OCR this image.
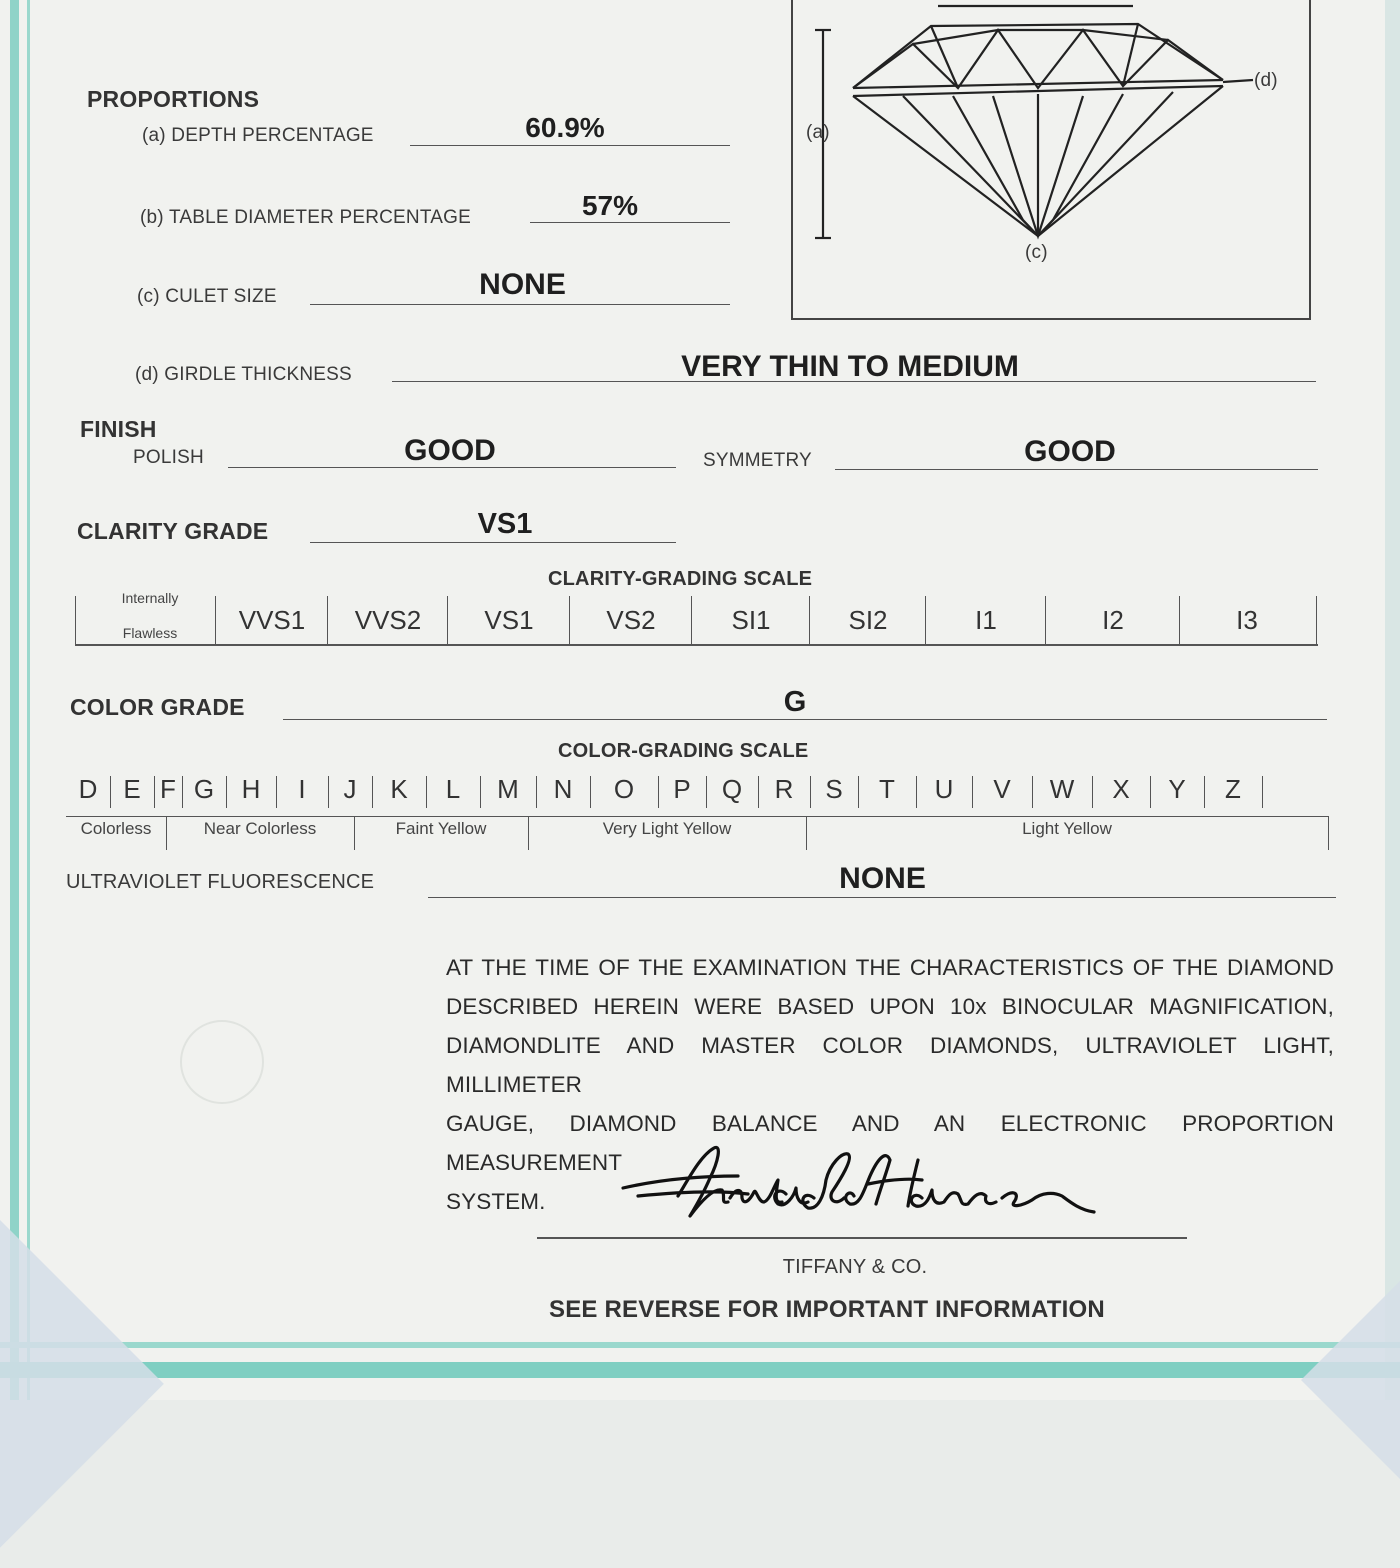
PROPORTIONS
(a) DEPTH PERCENTAGE	60.9%
(b) TABLE DIAMETER PERCENTAGE	57%
(c) CULET SIZE	NONE
(d) GIRDLE THICKNESS	VERY THIN TO MEDIUM
(a)
(c)
(d)
FINISH
POLISH	GOOD	SYMMETRY	GOOD
CLARITY GRADE	VS1
CLARITY-GRADING SCALE
Internally
Flawless	VVS1	VVS2	VS1	VS2	SI1	SI2	I1	I2	I3
COLOR GRADE	G
COLOR-GRADING SCALE
D E F G	H	I	J	K	L	M	N	O	P	Q	R	S	T	U	V	W	X	Y	Z
Colorless	Near Colorless	Faint Yellow	Very Light Yellow	Light Yellow
ULTRAVIOLET FLUORESCENCE	NONE
AT THE TIME OF THE EXAMINATION THE CHARACTERISTICS OF THE DIAMOND
DESCRIBED HEREIN WERE BASED UPON 10x BINOCULAR MAGNIFICATION,
DIAMONDLITE AND MASTER COLOR DIAMONDS, ULTRAVIOLET LIGHT, MILLIMETER
GAUGE, DIAMOND BALANCE AND AN ELECTRONIC PROPORTION MEASUREMENT
SYSTEM.
TIFFANY & CO.
SEE REVERSE FOR IMPORTANT INFORMATION
